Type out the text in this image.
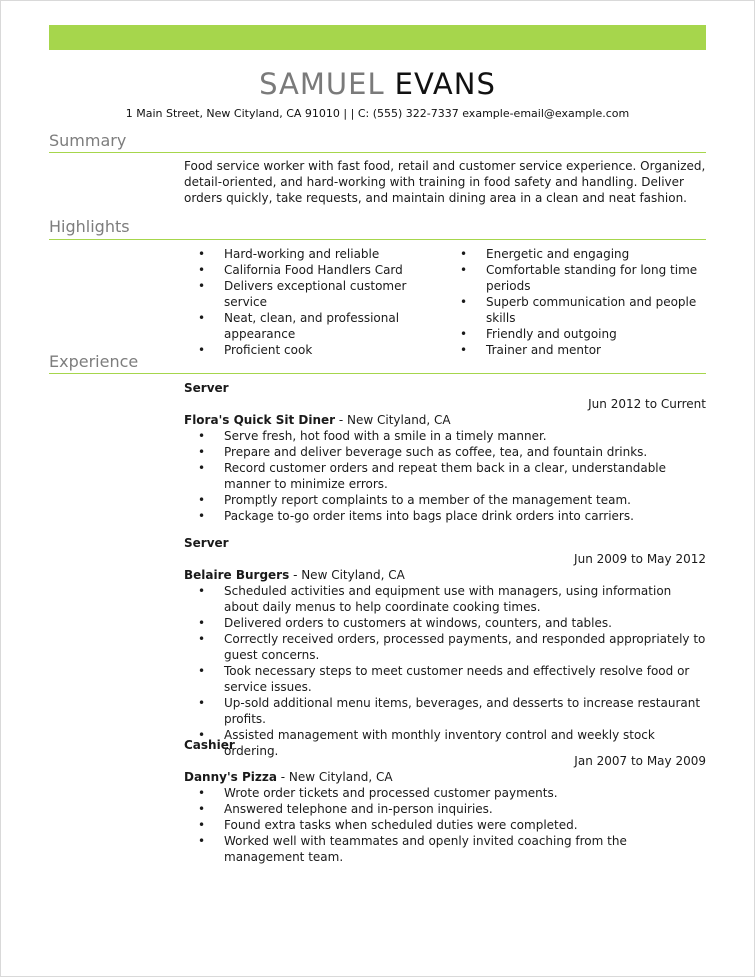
SAMUEL EVANS
1 Main Street, New Cityland, CA 91010 | | C: (555) 322-7337 example-email@example.com
Summary
Food service worker with fast food, retail and customer service experience. Organized, detail-oriented, and hard-working with training in food safety and handling. Deliver orders quickly, take requests, and maintain dining area in a clean and neat fashion.
Highlights
• Hard-working and reliable
• California Food Handlers Card
• Delivers exceptional customer service
• Neat, clean, and professional appearance
• Proficient cook
• Energetic and engaging
• Comfortable standing for long time periods
• Superb communication and people skills
• Friendly and outgoing
• Trainer and mentor
Experience
Server
Jun 2012 to Current
Flora's Quick Sit Diner - New Cityland, CA
• Serve fresh, hot food with a smile in a timely manner.
• Prepare and deliver beverage such as coffee, tea, and fountain drinks.
• Record customer orders and repeat them back in a clear, understandable manner to minimize errors.
• Promptly report complaints to a member of the management team.
• Package to-go order items into bags place drink orders into carriers.
Server
Jun 2009 to May 2012
Belaire Burgers - New Cityland, CA
• Scheduled activities and equipment use with managers, using information about daily menus to help coordinate cooking times.
• Delivered orders to customers at windows, counters, and tables.
• Correctly received orders, processed payments, and responded appropriately to guest concerns.
• Took necessary steps to meet customer needs and effectively resolve food or service issues.
• Up-sold additional menu items, beverages, and desserts to increase restaurant profits.
• Assisted management with monthly inventory control and weekly stock ordering.
Cashier
Jan 2007 to May 2009
Danny's Pizza - New Cityland, CA
• Wrote order tickets and processed customer payments.
• Answered telephone and in-person inquiries.
• Found extra tasks when scheduled duties were completed.
• Worked well with teammates and openly invited coaching from the management team.
